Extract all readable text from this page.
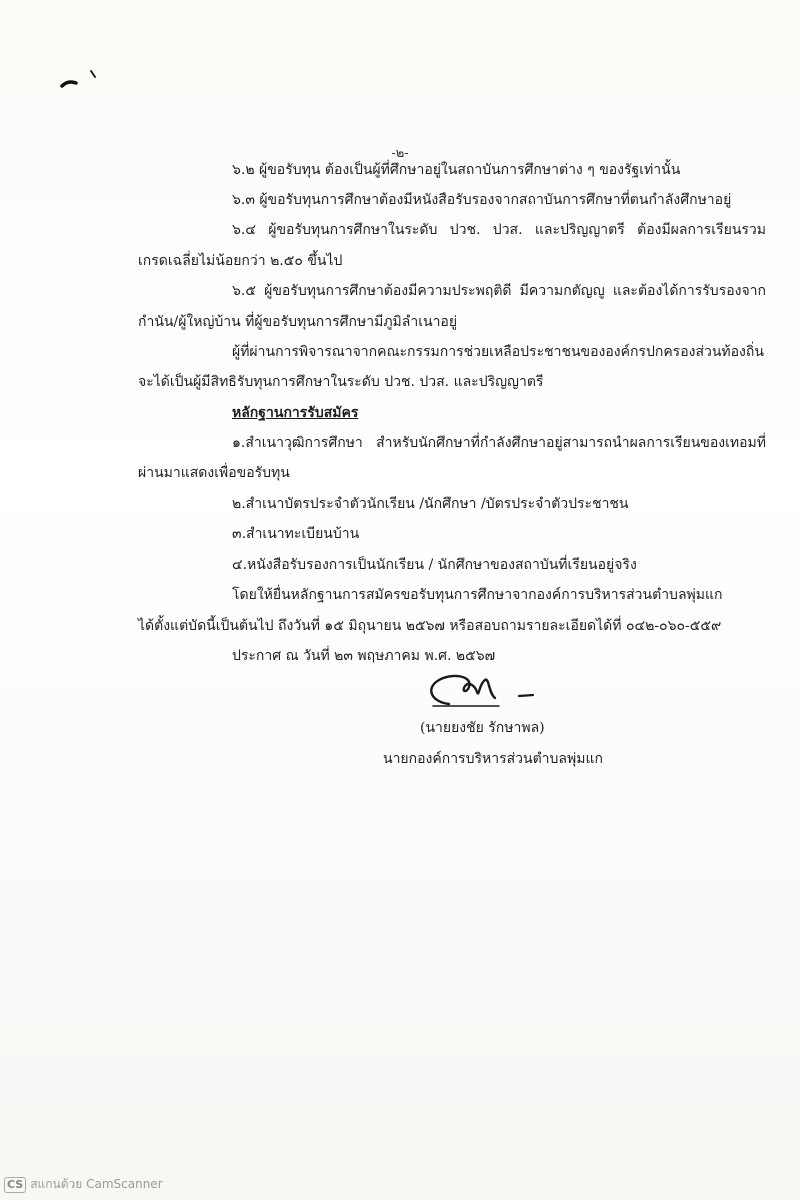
-๒-
๖.๒ ผู้ขอรับทุน ต้องเป็นผู้ที่ศึกษาอยู่ในสถาบันการศึกษาต่าง ๆ ของรัฐเท่านั้น
๖.๓ ผู้ขอรับทุนการศึกษาต้องมีหนังสือรับรองจากสถาบันการศึกษาที่ตนกำลังศึกษาอยู่
๖.๔ ผู้ขอรับทุนการศึกษาในระดับ ปวช. ปวส. และปริญญาตรี ต้องมีผลการเรียนรวม
เกรดเฉลี่ยไม่น้อยกว่า ๒.๕๐ ขึ้นไป
๖.๕ ผู้ขอรับทุนการศึกษาต้องมีความประพฤติดี มีความกตัญญู และต้องได้การรับรองจาก
กำนัน/ผู้ใหญ่บ้าน ที่ผู้ขอรับทุนการศึกษามีภูมิลำเนาอยู่
ผู้ที่ผ่านการพิจารณาจากคณะกรรมการช่วยเหลือประชาชนขององค์กรปกครองส่วนท้องถิ่น
จะได้เป็นผู้มีสิทธิรับทุนการศึกษาในระดับ ปวช. ปวส. และปริญญาตรี
หลักฐานการรับสมัคร
๑.สำเนาวุฒิการศึกษา สำหรับนักศึกษาที่กำลังศึกษาอยู่สามารถนำผลการเรียนของเทอมที่
ผ่านมาแสดงเพื่อขอรับทุน
๒.สำเนาบัตรประจำตัวนักเรียน /นักศึกษา /บัตรประจำตัวประชาชน
๓.สำเนาทะเบียนบ้าน
๔.หนังสือรับรองการเป็นนักเรียน / นักศึกษาของสถาบันที่เรียนอยู่จริง
โดยให้ยื่นหลักฐานการสมัครขอรับทุนการศึกษาจากองค์การบริหารส่วนตำบลพุ่มแก
ได้ตั้งแต่บัดนี้เป็นต้นไป ถึงวันที่ ๑๕ มิถุนายน ๒๕๖๗ หรือสอบถามรายละเอียดได้ที่ ๐๔๒-๐๖๐-๕๕๙
ประกาศ ณ วันที่ ๒๓ พฤษภาคม พ.ศ. ๒๕๖๗
(นายยงชัย รักษาพล)
นายกองค์การบริหารส่วนตำบลพุ่มแก
CS สแกนด้วย CamScanner
